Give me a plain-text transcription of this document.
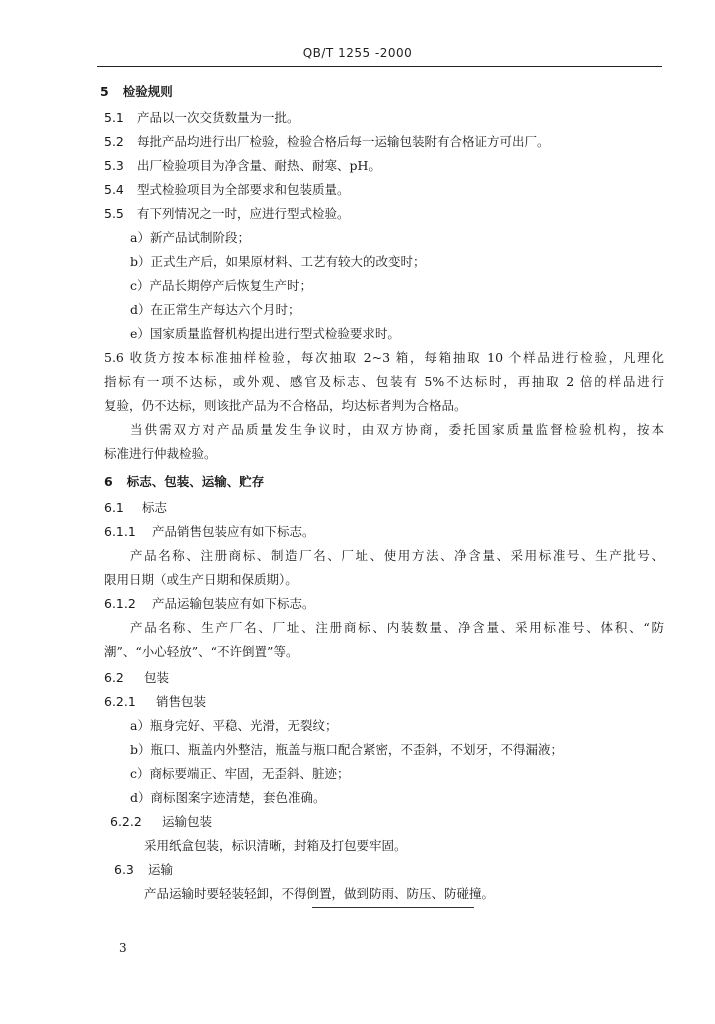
QB/T 1255 -2000
5 检验规则
5.1 产品以一次交货数量为一批。
5.2 每批产品均进行出厂检验，检验合格后每一运输包装附有合格证方可出厂。
5.3 出厂检验项目为净含量、耐热、耐寒、pH。
5.4 型式检验项目为全部要求和包装质量。
5.5 有下列情况之一时，应进行型式检验。
a）新产品试制阶段；
b）正式生产后，如果原材料、工艺有较大的改变时；
c）产品长期停产后恢复生产时；
d）在正常生产每达六个月时；
e）国家质量监督机构提出进行型式检验要求时。
5.6 收货方按本标准抽样检验，每次抽取 2~3 箱，每箱抽取 10 个样品进行检验，凡理化
指标有一项不达标，或外观、感官及标志、包装有 5%不达标时，再抽取 2 倍的样品进行
复验，仍不达标，则该批产品为不合格品，均达标者判为合格品。
当供需双方对产品质量发生争议时，由双方协商，委托国家质量监督检验机构，按本
标准进行仲裁检验。
6 标志、包装、运输、贮存
6.1 标志
6.1.1 产品销售包装应有如下标志。
产品名称、注册商标、制造厂名、厂址、使用方法、净含量、采用标准号、生产批号、
限用日期（或生产日期和保质期）。
6.1.2 产品运输包装应有如下标志。
产品名称、生产厂名、厂址、注册商标、内装数量、净含量、采用标准号、体积、“防
潮”、“小心轻放”、“不许倒置”等。
6.2 包装
6.2.1 销售包装
a）瓶身完好、平稳、光滑，无裂纹；
b）瓶口、瓶盖内外整洁，瓶盖与瓶口配合紧密，不歪斜，不划牙，不得漏液；
c）商标要端正、牢固，无歪斜、脏迹；
d）商标图案字迹清楚，套色准确。
6.2.2 运输包装
采用纸盒包装，标识清晰，封箱及打包要牢固。
6.3 运输
产品运输时要轻装轻卸，不得倒置，做到防雨、防压、防碰撞。
3
